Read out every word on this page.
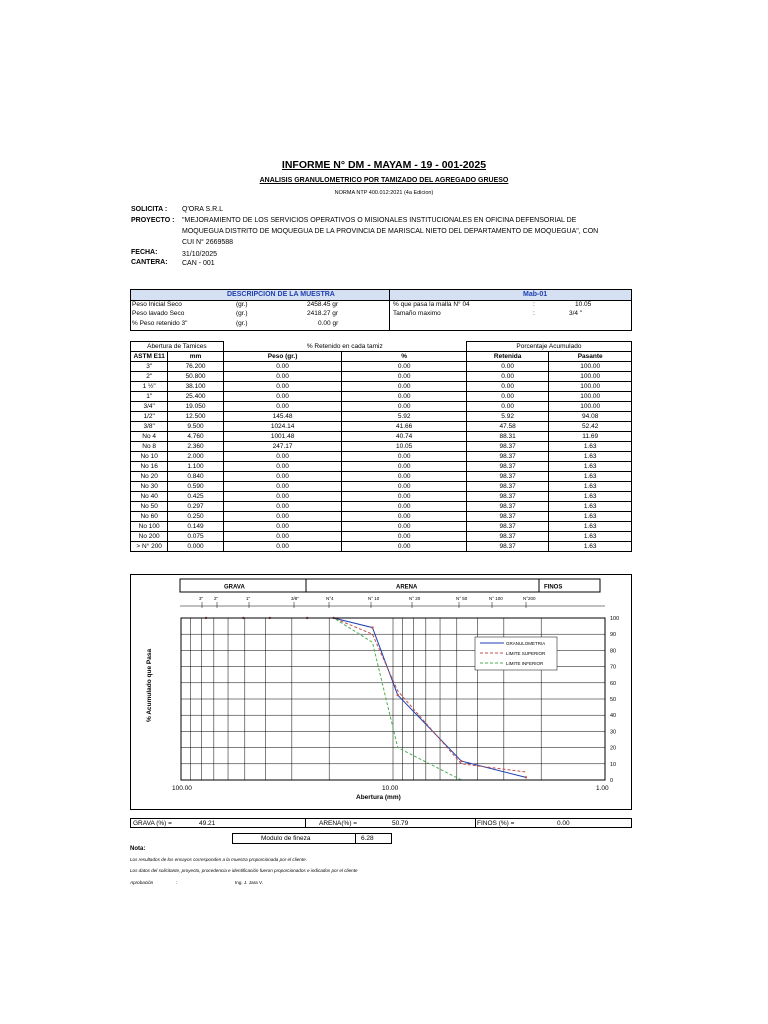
INFORME N° DM - MAYAM - 19 - 001-2025
ANALISIS GRANULOMETRICO POR TAMIZADO DEL AGREGADO GRUESO
NORMA NTP 400.012:2021 (4a Edicion)
SOLICITA : Q'ORA S.R.L
PROYECTO : "MEJORAMIENTO DE LOS SERVICIOS OPERATIVOS O MISIONALES INSTITUCIONALES EN OFICINA DEFENSORIAL DE
MOQUEGUA DISTRITO DE MOQUEGUA DE LA PROVINCIA DE MARISCAL NIETO DEL DEPARTAMENTO DE MOQUEGUA", CON
CUI N° 2669588
FECHA:	31/10/2025
CANTERA: CAN - 001
DESCRIPCION DE LA MUESTRA	Mab-01
Peso Inicial Seco	(gr.)	2458.45 gr
Peso lavado Seco	(gr.)	2418.27 gr
% Peso retenido 3"	(gr.)	0.00 gr
% que pasa la malla N° 04	:	10.05
Tamaño maximo	:	3/4 "
Abertura de Tamices		% Retenido en cada tamiz		Porcentaje Acumulado	
ASTM E11	mm	Peso (gr.)	%	Retenida	Pasante
3"	76.200	0.00	0.00	0.00	100.00
2"	50.800	0.00	0.00	0.00	100.00
1 ½"	38.100	0.00	0.00	0.00	100.00
1"	25.400	0.00	0.00	0.00	100.00
3/4"	19.050	0.00	0.00	0.00	100.00
1/2"	12.500	145.48	5.92	5.92	94.08
3/8"	9.500	1024.14	41.66	47.58	52.42
No 4	4.760	1001.48	40.74	88.31	11.69
No 8	2.360	247.17	10.05	98.37	1.63
No 10	2.000	0.00	0.00	98.37	1.63
No 16	1.100	0.00	0.00	98.37	1.63
No 20	0.840	0.00	0.00	98.37	1.63
No 30	0.590	0.00	0.00	98.37	1.63
No 40	0.425	0.00	0.00	98.37	1.63
No 50	0.297	0.00	0.00	98.37	1.63
No 60	0.250	0.00	0.00	98.37	1.63
No 100	0.149	0.00	0.00	98.37	1.63
No 200	0.075	0.00	0.00	98.37	1.63
> N° 200	0.000	0.00	0.00	98.37	1.63
GRAVA	ARENA	FINOS
3" 2"	1"	3/8"	N°4	N° 10	N° 20	N° 50	N° 100	N°200
0
10
20
30
40
50
60
70
80
90
100
% Acumulado que Pasa
100.00	10.00	1.00
Abertura (mm)
GRANULOMETRIA
LIMITE SUPERIOR
LIMITE INFERIOR
GRAVA (%) =	49.21	ARENA(%) =	50.79	FINOS (%) =	0.00
Modulo de fineza	6.28
Nota:
Los resultados de los ensayos corresponden a la muestra proporcionada por el cliente.
Los datos del solicitante, proyecto, procedencia e identificación fueron proporcionados e indicados por el cliente
Aprobación	:	Ing. J. Jara V.
